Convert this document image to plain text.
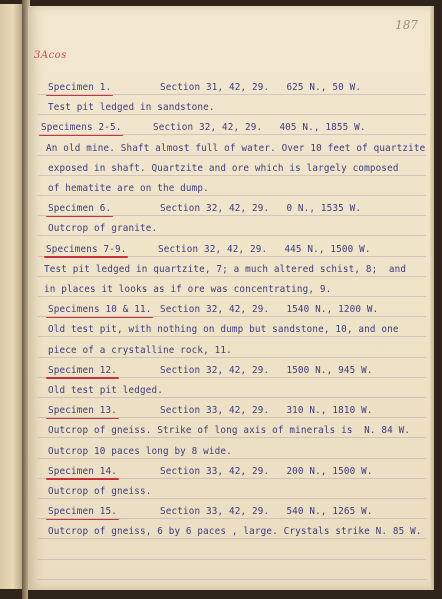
187
3Acos
Specimen 1.	Section 31, 42, 29.   625 N., 50 W.
Test pit ledged in sandstone.
Specimens 2-5.	Section 32, 42, 29.   405 N., 1855 W.
An old mine. Shaft almost full of water. Over 10 feet of quartzite
exposed in shaft. Quartzite and ore which is largely composed
of hematite are on the dump.
Specimen 6.	Section 32, 42, 29.   0 N., 1535 W.
Outcrop of granite.
Specimens 7-9.	Section 32, 42, 29.   445 N., 1500 W.
Test pit ledged in quartzite, 7; a much altered schist, 8;  and
in places it looks as if ore was concentrating, 9.
Specimens 10 & 11. Section 32, 42, 29.   1540 N., 1200 W.
Old test pit, with nothing on dump but sandstone, 10, and one
piece of a crystalline rock, 11.
Specimen 12.	Section 32, 42, 29.   1500 N., 945 W.
Old test pit ledged.
Specimen 13.	Section 33, 42, 29.   310 N., 1810 W.
Outcrop of gneiss. Strike of long axis of minerals is  N. 84 W.
Outcrop 10 paces long by 8 wide.
Specimen 14.	Section 33, 42, 29.   200 N., 1500 W.
Outcrop of gneiss.
Specimen 15.	Section 33, 42, 29.   540 N., 1265 W.
Outcrop of gneiss, 6 by 6 paces , large. Crystals strike N. 85 W.
